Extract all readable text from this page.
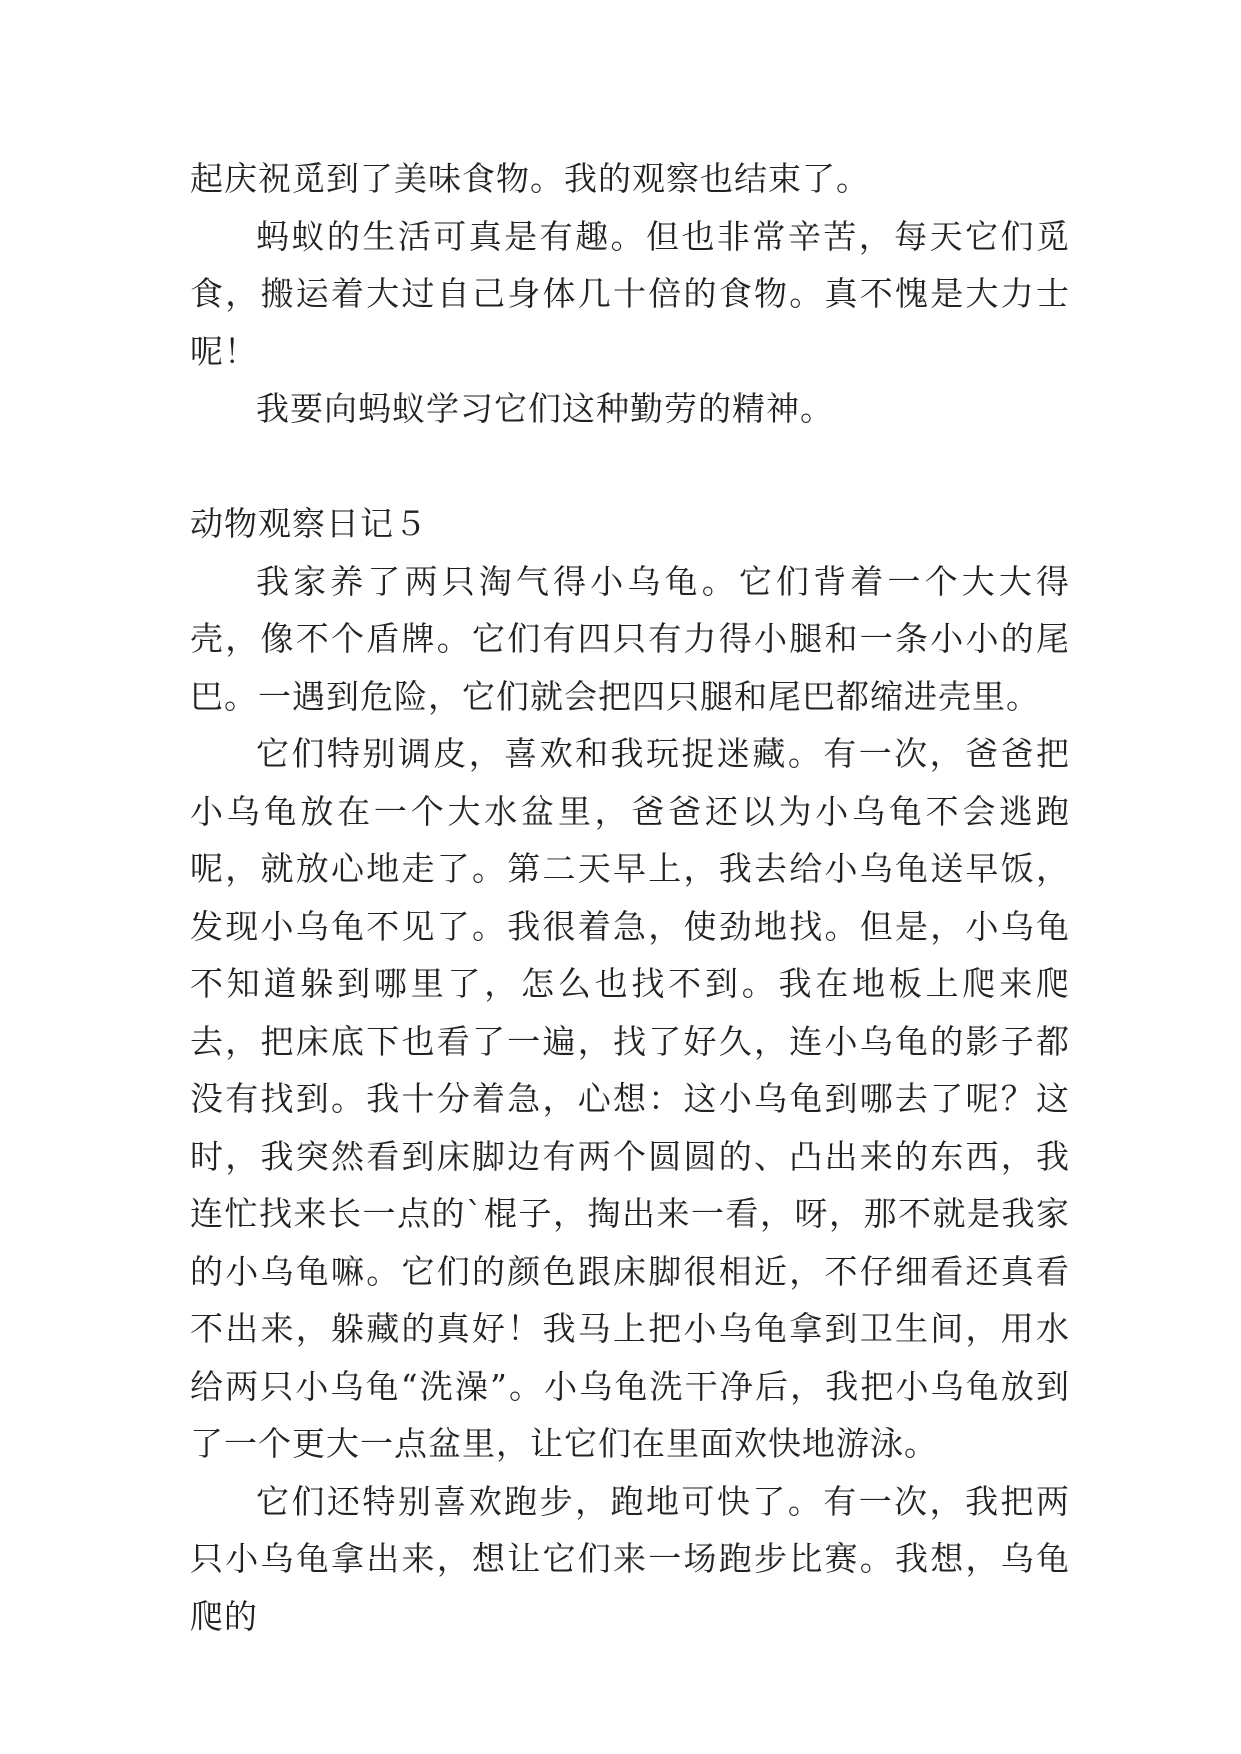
起庆祝觅到了美味食物。我的观察也结束了。

蚂蚁的生活可真是有趣。但也非常辛苦，每天它们觅食，搬运着大过自己身体几十倍的食物。真不愧是大力士呢！

我要向蚂蚁学习它们这种勤劳的精神。

动物观察日记５

我家养了两只淘气得小乌龟。它们背着一个大大得壳，像不个盾牌。它们有四只有力得小腿和一条小小的尾巴。一遇到危险，它们就会把四只腿和尾巴都缩进壳里。

它们特别调皮，喜欢和我玩捉迷藏。有一次，爸爸把小乌龟放在一个大水盆里，爸爸还以为小乌龟不会逃跑呢，就放心地走了。第二天早上，我去给小乌龟送早饭，发现小乌龟不见了。我很着急，使劲地找。但是，小乌龟不知道躲到哪里了，怎么也找不到。我在地板上爬来爬去，把床底下也看了一遍，找了好久，连小乌龟的影子都没有找到。我十分着急，心想：这小乌龟到哪去了呢？这时，我突然看到床脚边有两个圆圆的、凸出来的东西，我连忙找来长一点的`棍子，掏出来一看，呀，那不就是我家的小乌龟嘛。它们的颜色跟床脚很相近，不仔细看还真看不出来，躲藏的真好！我马上把小乌龟拿到卫生间，用水给两只小乌龟“洗澡”。小乌龟洗干净后，我把小乌龟放到了一个更大一点盆里，让它们在里面欢快地游泳。

它们还特别喜欢跑步，跑地可快了。有一次，我把两只小乌龟拿出来，想让它们来一场跑步比赛。我想，乌龟爬的
